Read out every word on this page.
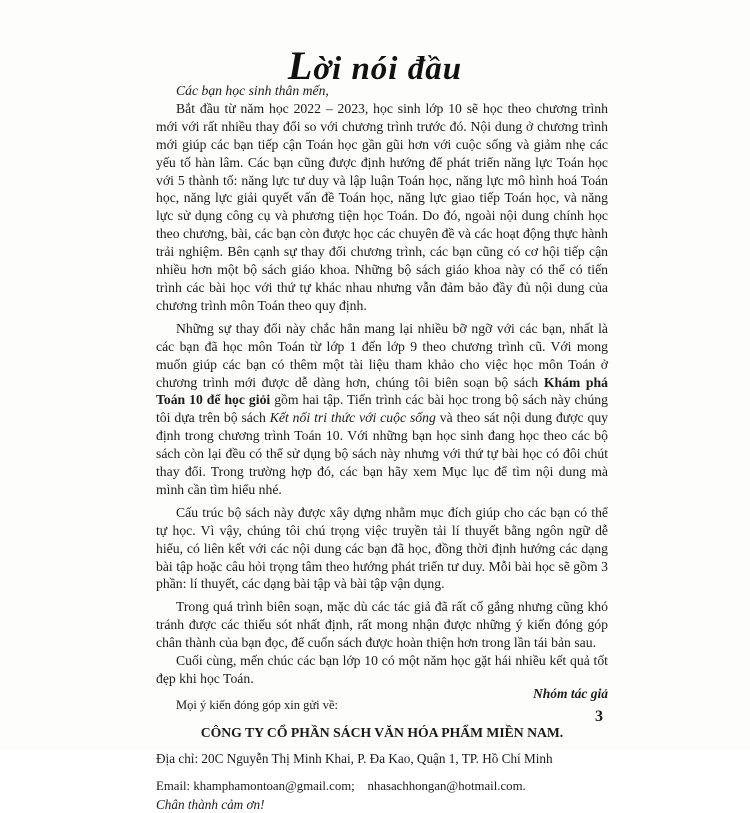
Lời nói đầu

Các bạn học sinh thân mến,

Bắt đầu từ năm học 2022 – 2023, học sinh lớp 10 sẽ học theo chương trình mới với rất nhiều thay đổi so với chương trình trước đó. Nội dung ở chương trình mới giúp các bạn tiếp cận Toán học gần gũi hơn với cuộc sống và giảm nhẹ các yếu tố hàn lâm. Các bạn cũng được định hướng để phát triển năng lực Toán học với 5 thành tố: năng lực tư duy và lập luận Toán học, năng lực mô hình hoá Toán học, năng lực giải quyết vấn đề Toán học, năng lực giao tiếp Toán học, và năng lực sử dụng công cụ và phương tiện học Toán. Do đó, ngoài nội dung chính học theo chương, bài, các bạn còn được học các chuyên đề và các hoạt động thực hành trải nghiệm. Bên cạnh sự thay đổi chương trình, các bạn cũng có cơ hội tiếp cận nhiều hơn một bộ sách giáo khoa. Những bộ sách giáo khoa này có thể có tiến trình các bài học với thứ tự khác nhau nhưng vẫn đảm bảo đầy đủ nội dung của chương trình môn Toán theo quy định.

Những sự thay đổi này chắc hẳn mang lại nhiều bỡ ngỡ với các bạn, nhất là các bạn đã học môn Toán từ lớp 1 đến lớp 9 theo chương trình cũ. Với mong muốn giúp các bạn có thêm một tài liệu tham khảo cho việc học môn Toán ở chương trình mới được dễ dàng hơn, chúng tôi biên soạn bộ sách Khám phá Toán 10 để học giỏi gồm hai tập. Tiến trình các bài học trong bộ sách này chúng tôi dựa trên bộ sách Kết nối tri thức với cuộc sống và theo sát nội dung được quy định trong chương trình Toán 10. Với những bạn học sinh đang học theo các bộ sách còn lại đều có thể sử dụng bộ sách này nhưng với thứ tự bài học có đôi chút thay đổi. Trong trường hợp đó, các bạn hãy xem Mục lục để tìm nội dung mà mình cần tìm hiểu nhé.

Cấu trúc bộ sách này được xây dựng nhằm mục đích giúp cho các bạn có thể tự học. Vì vậy, chúng tôi chú trọng việc truyền tải lí thuyết bằng ngôn ngữ dễ hiểu, có liên kết với các nội dung các bạn đã học, đồng thời định hướng các dạng bài tập hoặc câu hỏi trọng tâm theo hướng phát triển tư duy. Mỗi bài học sẽ gồm 3 phần: lí thuyết, các dạng bài tập và bài tập vận dụng.

Trong quá trình biên soạn, mặc dù các tác giả đã rất cố gắng nhưng cũng khó tránh được các thiếu sót nhất định, rất mong nhận được những ý kiến đóng góp chân thành của bạn đọc, để cuốn sách được hoàn thiện hơn trong lần tái bản sau.

Cuối cùng, mến chúc các bạn lớp 10 có một năm học gặt hái nhiều kết quả tốt đẹp khi học Toán.

Mọi ý kiến đóng góp xin gửi về:

CÔNG TY CỔ PHẦN SÁCH VĂN HÓA PHẨM MIỀN NAM.

Địa chỉ: 20C Nguyễn Thị Minh Khai, P. Đa Kao, Quận 1, TP. Hồ Chí Minh

Email: khamphamontoan@gmail.com;    nhasachhongan@hotmail.com.

Chân thành cảm ơn!

Nhóm tác giả
3
